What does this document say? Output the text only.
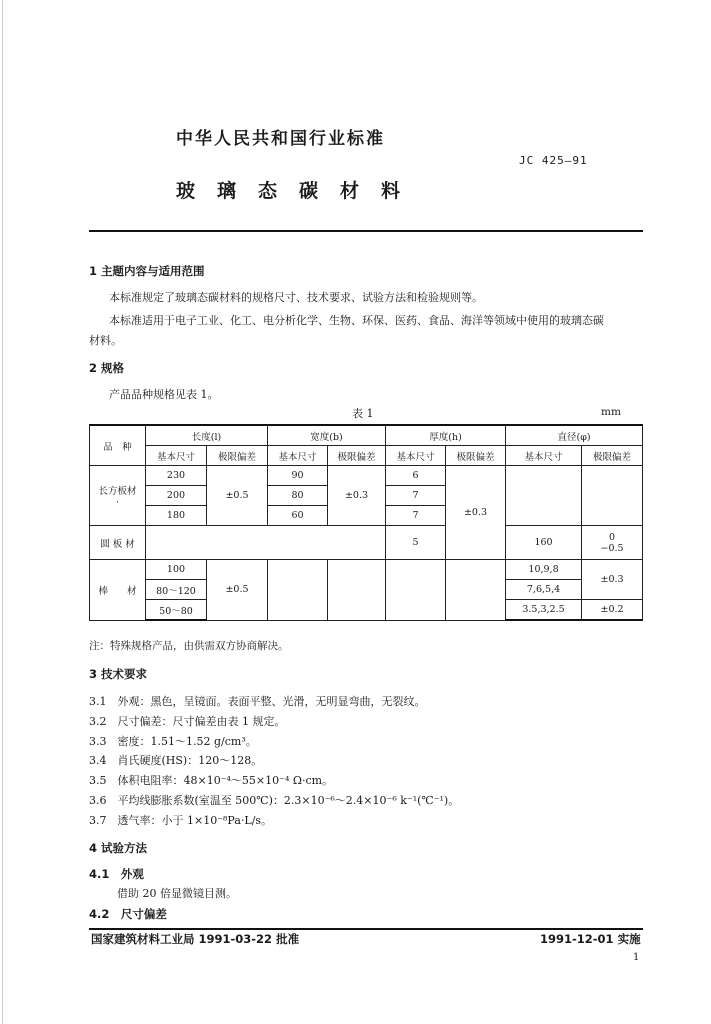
中华人民共和国行业标准
JC 425—91
玻璃态碳材料
1 主题内容与适用范围
本标准规定了玻璃态碳材料的规格尺寸、技术要求、试验方法和检验规则等。
本标准适用于电子工业、化工、电分析化学、生物、环保、医药、食品、海洋等领域中使用的玻璃态碳
材料。
2 规格
产品品种规格见表 1。
表 1	mm
品　种	长度(l)		宽度(b)		厚度(h)		直径(φ)	
	基本尺寸	极限偏差	基本尺寸	极限偏差	基本尺寸	极限偏差	基本尺寸	极限偏差

长方板材
·	230	±0.5	90	±0.3	6	±0.3		
	200		80		7			
	180		60		7			
圆 板 材					5		160	0
−0.5

棒　　材	100	±0.5					10,9,8	±0.3
	80～120						7,6,5,4	
	50～80						3.5,3,2.5	±0.2
注：特殊规格产品，由供需双方协商解决。
3 技术要求
3.1　 外观：黑色，呈镜面。表面平整、光滑，无明显弯曲，无裂纹。
3.2　 尺寸偏差：尺寸偏差由表 1 规定。
3.3　 密度：1.51～1.52 g/cm³。
3.4　 肖氏硬度(HS)：120～128。
3.5　 体积电阻率：48×10⁻⁴～55×10⁻⁴ Ω·cm。
3.6　 平均线膨胀系数(室温至 500℃)：2.3×10⁻⁶～2.4×10⁻⁶ k⁻¹(℃⁻¹)。
3.7　 透气率：小于 1×10⁻⁸Pa·L/s。
4 试验方法
4.1　外观
借助 20 倍显微镜目测。
4.2　尺寸偏差
国家建筑材料工业局 1991-03-22 批准	1991-12-01 实施
1
